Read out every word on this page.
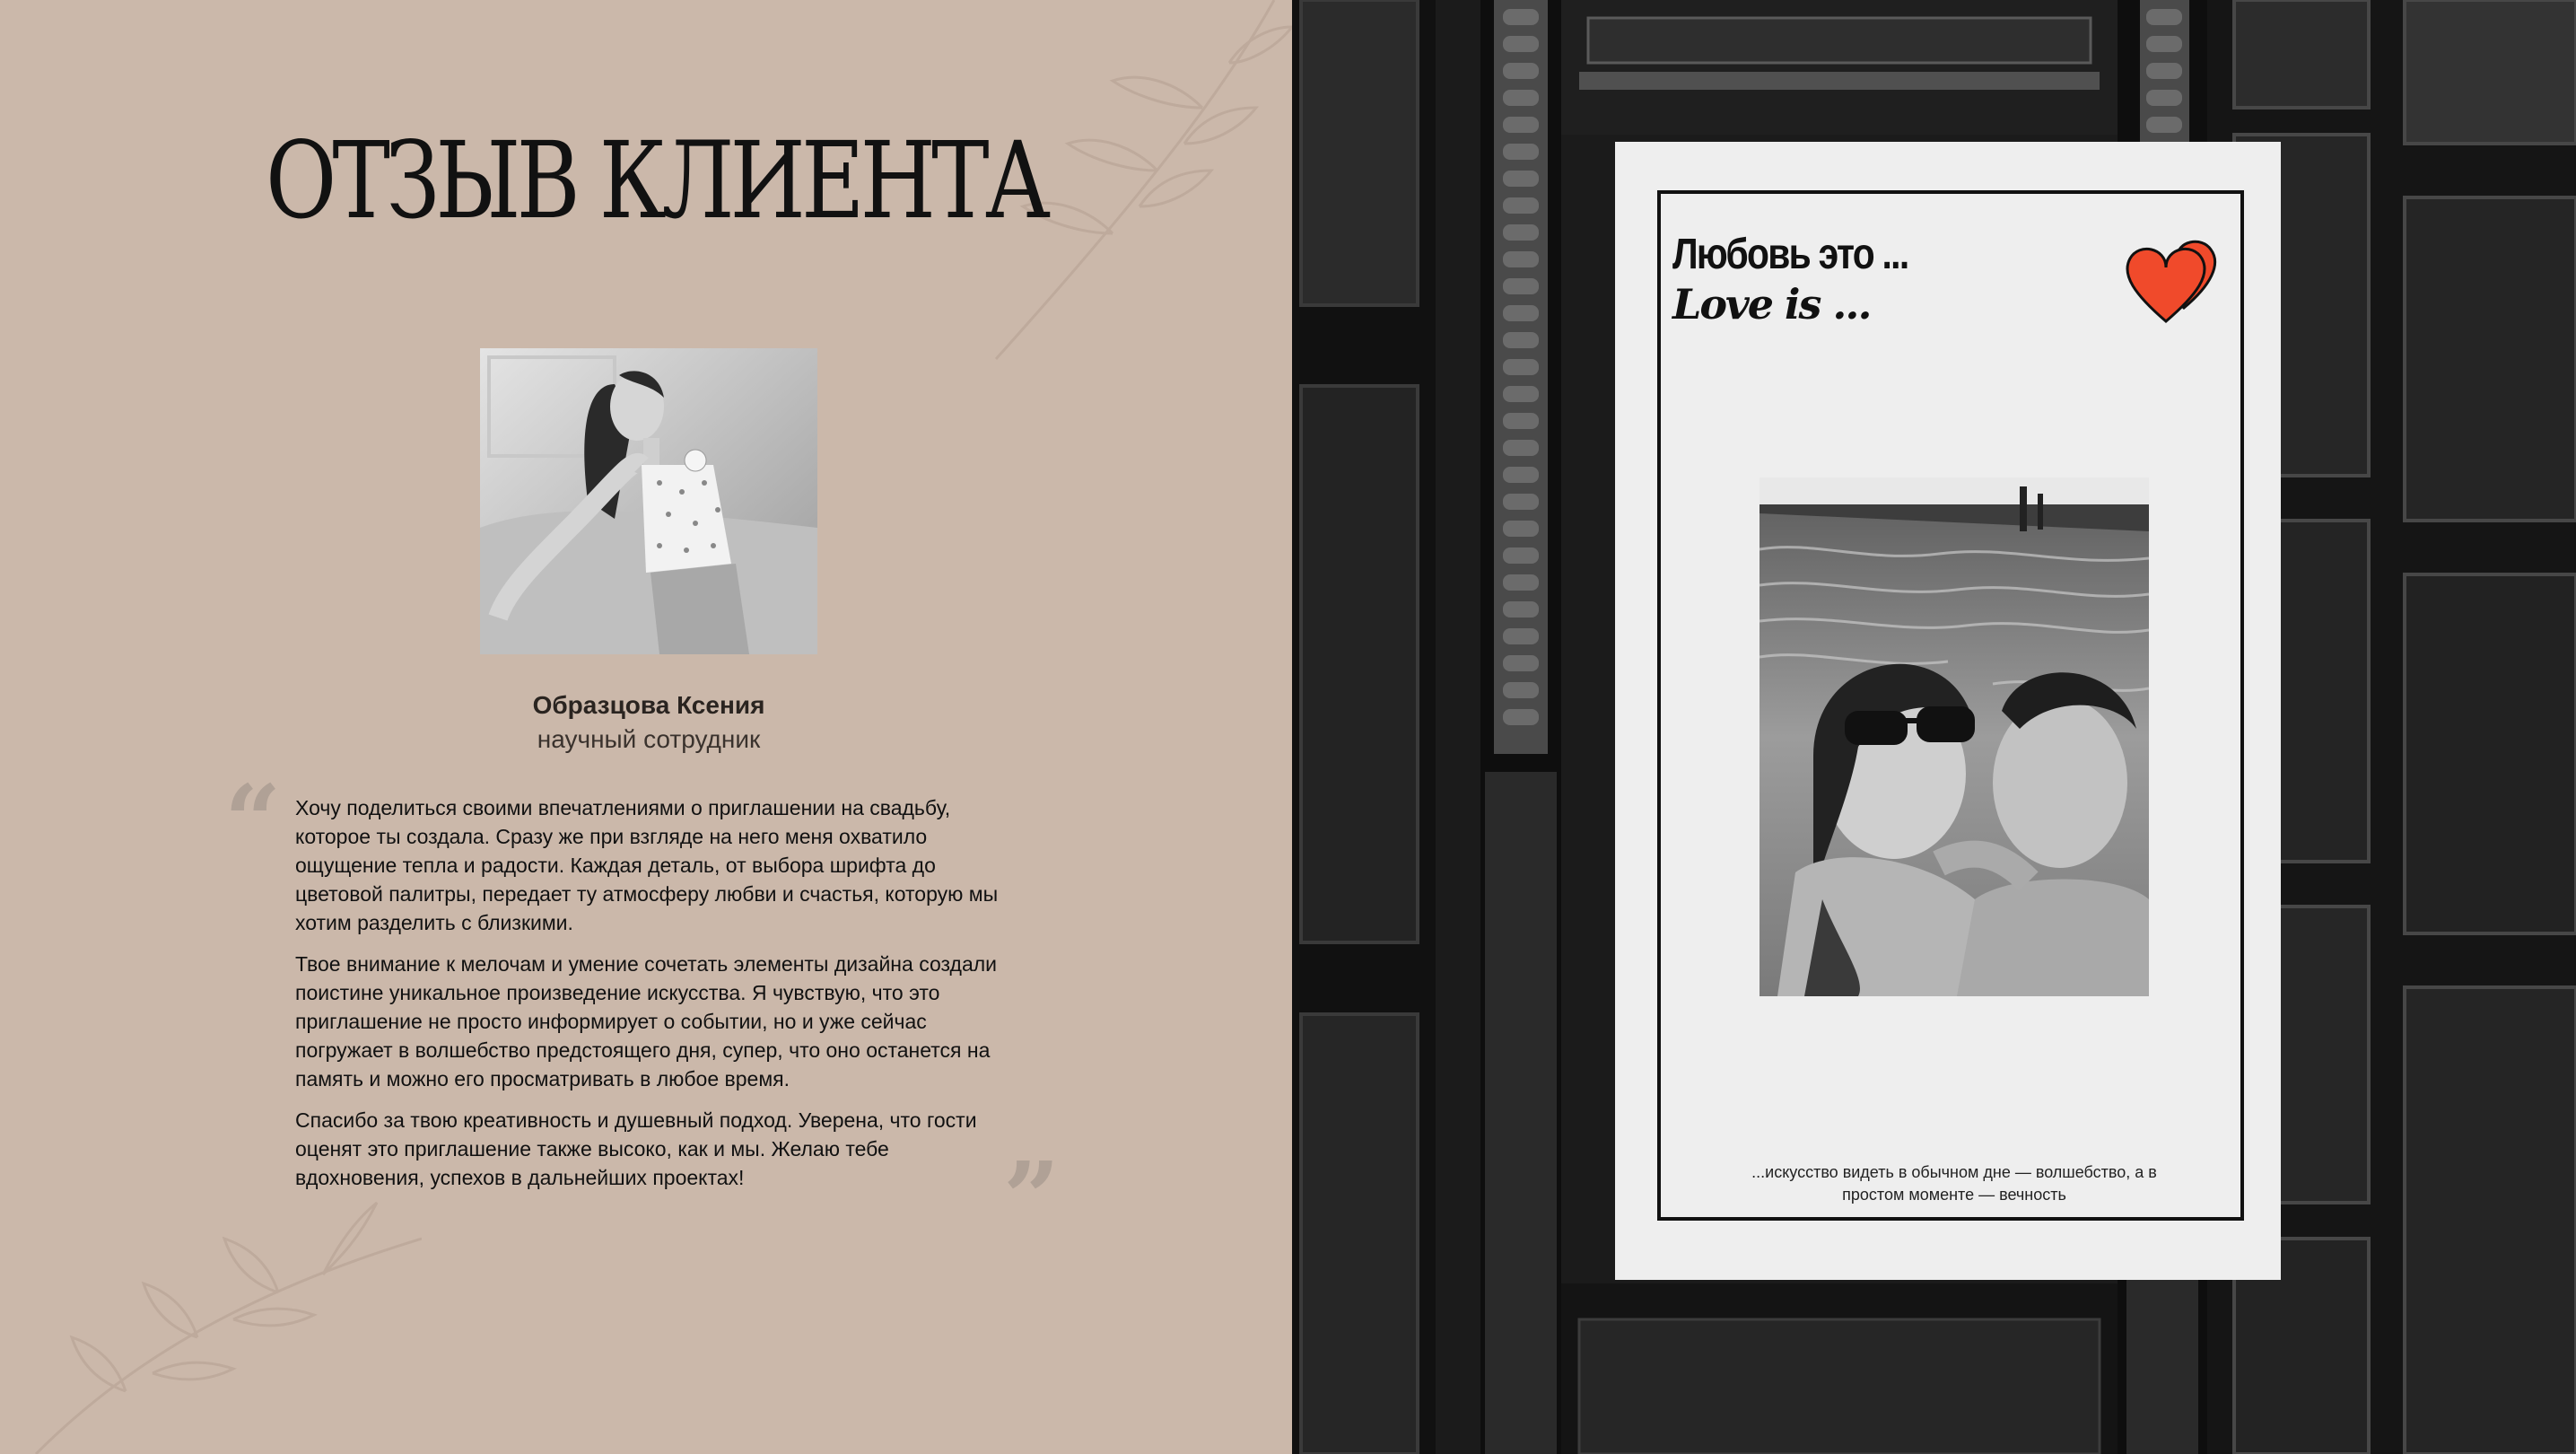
ОТЗЫВ КЛИЕНТА
Образцова Ксения
научный сотрудник
“
”

Хочу поделиться своими впечатлениями о приглашении на свадьбу, которое ты создала. Сразу же при взгляде на него меня охватило ощущение тепла и радости. Каждая деталь, от выбора шрифта до цветовой палитры, передает ту атмосферу любви и счастья, которую мы хотим разделить с близкими.

Твое внимание к мелочам и умение сочетать элементы дизайна создали поистине уникальное произведение искусства. Я чувствую, что это приглашение не просто информирует о событии, но и уже сейчас погружает в волшебство предстоящего дня, супер, что оно останется на память и можно его просматривать в любое время.

Спасибо за твою креативность и душевный подход. Уверена, что гости оценят это приглашение также высоко, как и мы. Желаю тебе вдохновения, успехов в дальнейших проектах!

Любовь это ...
Love is ...
...искусство видеть в обычном дне — волшебство, а в
простом моменте — вечность
